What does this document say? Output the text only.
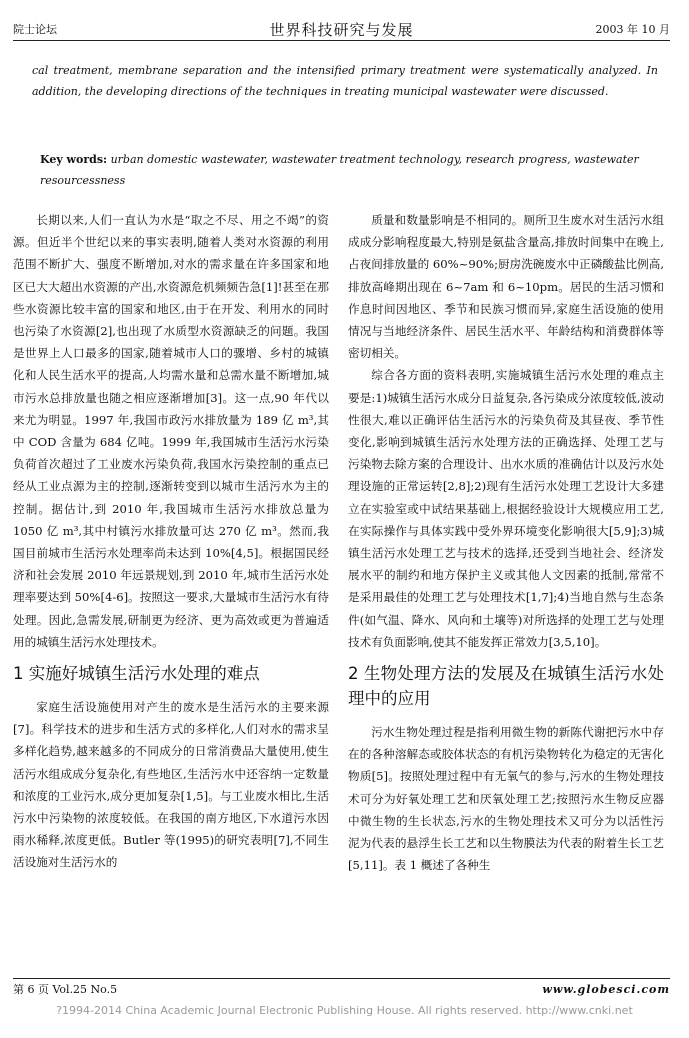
院士论坛	世界科技研究与发展	2003 年 10 月
cal treatment, membrane separation and the intensified primary treatment were systematically analyzed. In addition, the developing directions of the techniques in treating municipal wastewater were discussed.
Key words: urban domestic wastewater, wastewater treatment technology, research progress, wastewater resourcessness

长期以来,人们一直认为水是“取之不尽、用之不竭”的资源。但近半个世纪以来的事实表明,随着人类对水资源的利用范围不断扩大、强度不断增加,对水的需求量在许多国家和地区已大大超出水资源的产出,水资源危机频频告急[1]!甚至在那些水资源比较丰富的国家和地区,由于在开发、利用水的同时也污染了水资源[2],也出现了水质型水资源缺乏的问题。我国是世界上人口最多的国家,随着城市人口的骤增、乡村的城镇化和人民生活水平的提高,人均需水量和总需水量不断增加,城市污水总排放量也随之相应逐渐增加[3]。这一点,90 年代以来尤为明显。1997 年,我国市政污水排放量为 189 亿 m³,其中 COD 含量为 684 亿吨。1999 年,我国城市生活污水污染负荷首次超过了工业废水污染负荷,我国水污染控制的重点已经从工业点源为主的控制,逐渐转变到以城市生活污水为主的控制。据估计,到 2010 年,我国城市生活污水排放总量为 1050 亿 m³,其中村镇污水排放量可达 270 亿 m³。然而,我国目前城市生活污水处理率尚未达到 10%[4,5]。根据国民经济和社会发展 2010 年远景规划,到 2010 年,城市生活污水处理率要达到 50%[4-6]。按照这一要求,大量城市生活污水有待处理。因此,急需发展,研制更为经济、更为高效或更为普遍适用的城镇生活污水处理技术。

1 实施好城镇生活污水处理的难点

家庭生活设施使用对产生的废水是生活污水的主要来源[7]。科学技术的进步和生活方式的多样化,人们对水的需求呈多样化趋势,越来越多的不同成分的日常消费品大量使用,使生活污水组成成分复杂化,有些地区,生活污水中还容纳一定数量和浓度的工业污水,成分更加复杂[1,5]。与工业废水相比,生活污水中污染物的浓度较低。在我国的南方地区,下水道污水因雨水稀释,浓度更低。Butler 等(1995)的研究表明[7],不同生活设施对生活污水的

质量和数量影响是不相同的。厕所卫生废水对生活污水组成成分影响程度最大,特别是氨盐含量高,排放时间集中在晚上,占夜间排放量的 60%~90%;厨房洗碗废水中正磷酸盐比例高,排放高峰期出现在 6~7am 和 6~10pm。居民的生活习惯和作息时间因地区、季节和民族习惯而异,家庭生活设施的使用情况与当地经济条件、居民生活水平、年龄结构和消费群体等密切相关。

综合各方面的资料表明,实施城镇生活污水处理的难点主要是:1)城镇生活污水成分日益复杂,各污染成分浓度较低,波动性很大,难以正确评估生活污水的污染负荷及其昼夜、季节性变化,影响到城镇生活污水处理方法的正确选择、处理工艺与污染物去除方案的合理设计、出水水质的准确估计以及污水处理设施的正常运转[2,8];2)现有生活污水处理工艺设计大多建立在实验室或中试结果基础上,根据经验设计大规模应用工艺,在实际操作与具体实践中受外界环境变化影响很大[5,9];3)城镇生活污水处理工艺与技术的选择,还受到当地社会、经济发展水平的制约和地方保护主义或其他人文因素的抵制,常常不是采用最佳的处理工艺与处理技术[1,7];4)当地自然与生态条件(如气温、降水、风向和土壤等)对所选择的处理工艺与处理技术有负面影响,使其不能发挥正常效力[3,5,10]。

2 生物处理方法的发展及在城镇生活污水处理中的应用

污水生物处理过程是指利用微生物的新陈代谢把污水中存在的各种溶解态或胶体状态的有机污染物转化为稳定的无害化物质[5]。按照处理过程中有无氧气的参与,污水的生物处理技术可分为好氧处理工艺和厌氧处理工艺;按照污水生物反应器中微生物的生长状态,污水的生物处理技术又可分为以活性污泥为代表的悬浮生长工艺和以生物膜法为代表的附着生长工艺[5,11]。表 1 概述了各种生

第 6 页 Vol.25 No.5	www.globesci.com
?1994-2014 China Academic Journal Electronic Publishing House. All rights reserved. http://www.cnki.net
